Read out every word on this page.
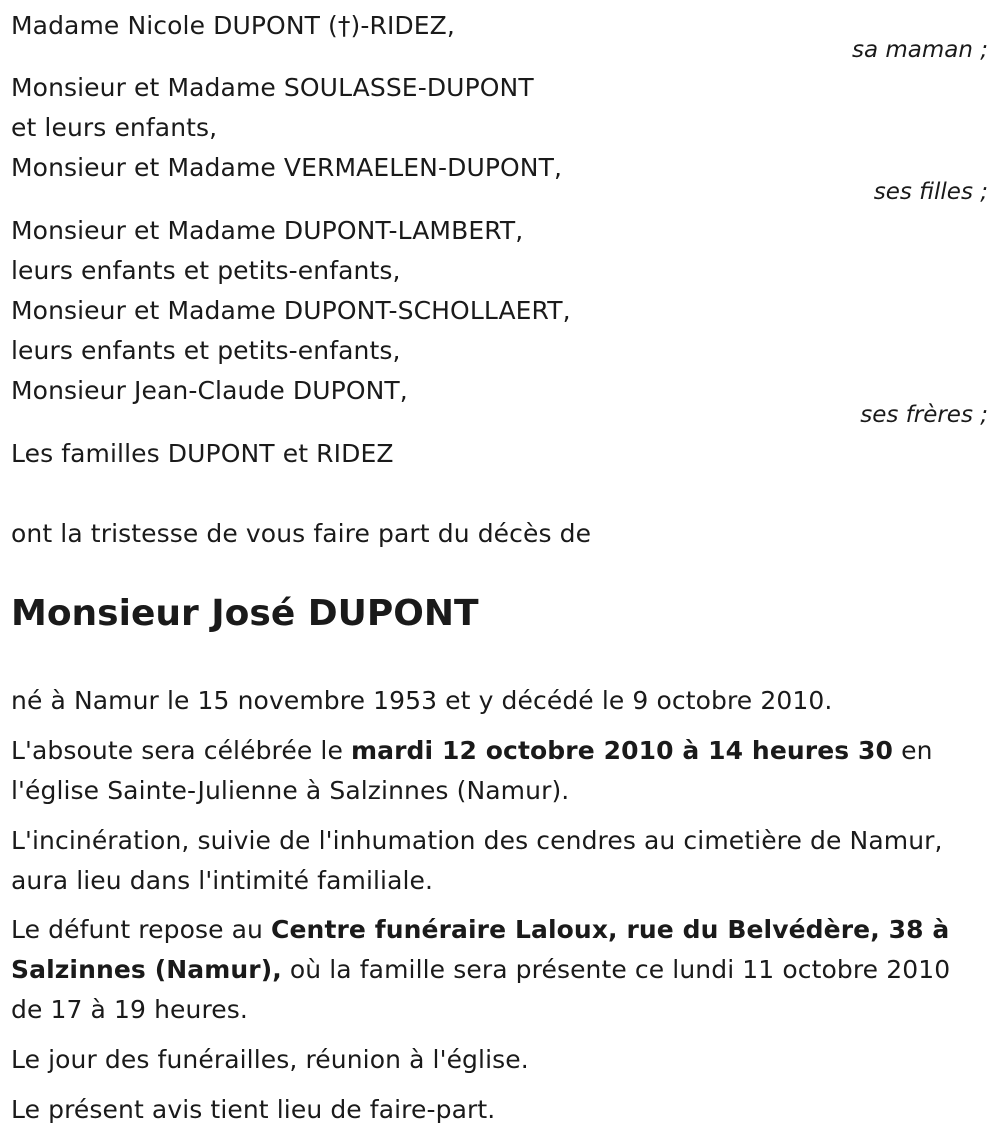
Madame Nicole DUPONT (†)-RIDEZ,
sa maman ;
Monsieur et Madame SOULASSE-DUPONT
et leurs enfants,
Monsieur et Madame VERMAELEN-DUPONT,
ses filles ;
Monsieur et Madame DUPONT-LAMBERT,
leurs enfants et petits-enfants,
Monsieur et Madame DUPONT-SCHOLLAERT,
leurs enfants et petits-enfants,
Monsieur Jean-Claude DUPONT,
ses frères ;
Les familles DUPONT et RIDEZ
ont la tristesse de vous faire part du décès de
Monsieur José DUPONT
né à Namur le 15 novembre 1953 et y décédé le 9 octobre 2010.
L'absoute sera célébrée le mardi 12 octobre 2010 à 14 heures 30 en
l'église Sainte-Julienne à Salzinnes (Namur).
L'incinération, suivie de l'inhumation des cendres au cimetière de Namur,
aura lieu dans l'intimité familiale.
Le défunt repose au Centre funéraire Laloux, rue du Belvédère, 38 à
Salzinnes (Namur), où la famille sera présente ce lundi 11 octobre 2010
de 17 à 19 heures.
Le jour des funérailles, réunion à l'église.
Le présent avis tient lieu de faire-part.
